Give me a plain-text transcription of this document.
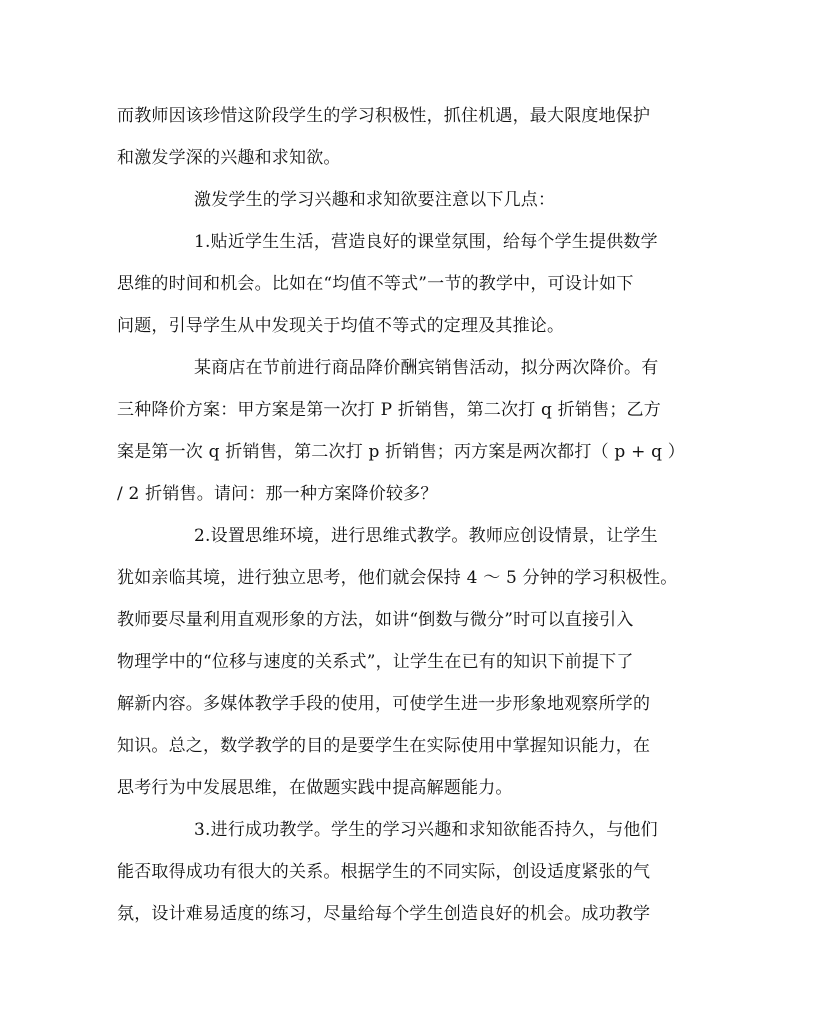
而教师因该珍惜这阶段学生的学习积极性，抓住机遇，最大限度地保护
和激发学深的兴趣和求知欲。
激发学生的学习兴趣和求知欲要注意以下几点：
1.贴近学生生活，营造良好的课堂氛围，给每个学生提供数学
思维的时间和机会。比如在“均值不等式”一节的教学中，可设计如下
问题，引导学生从中发现关于均值不等式的定理及其推论。
某商店在节前进行商品降价酬宾销售活动，拟分两次降价。有
三种降价方案：甲方案是第一次打 P 折销售，第二次打 q 折销售；乙方
案是第一次 q 折销售，第二次打 p 折销售；丙方案是两次都打（ p + q ）
/ 2 折销售。请问：那一种方案降价较多？
2.设置思维环境，进行思维式教学。教师应创设情景，让学生
犹如亲临其境，进行独立思考，他们就会保持 4 ～ 5 分钟的学习积极性。
教师要尽量利用直观形象的方法，如讲“倒数与微分”时可以直接引入
物理学中的“位移与速度的关系式”，让学生在已有的知识下前提下了
解新内容。多媒体教学手段的使用，可使学生进一步形象地观察所学的
知识。总之，数学教学的目的是要学生在实际使用中掌握知识能力，在
思考行为中发展思维，在做题实践中提高解题能力。
3.进行成功教学。学生的学习兴趣和求知欲能否持久，与他们
能否取得成功有很大的关系。根据学生的不同实际，创设适度紧张的气
氛，设计难易适度的练习，尽量给每个学生创造良好的机会。成功教学
